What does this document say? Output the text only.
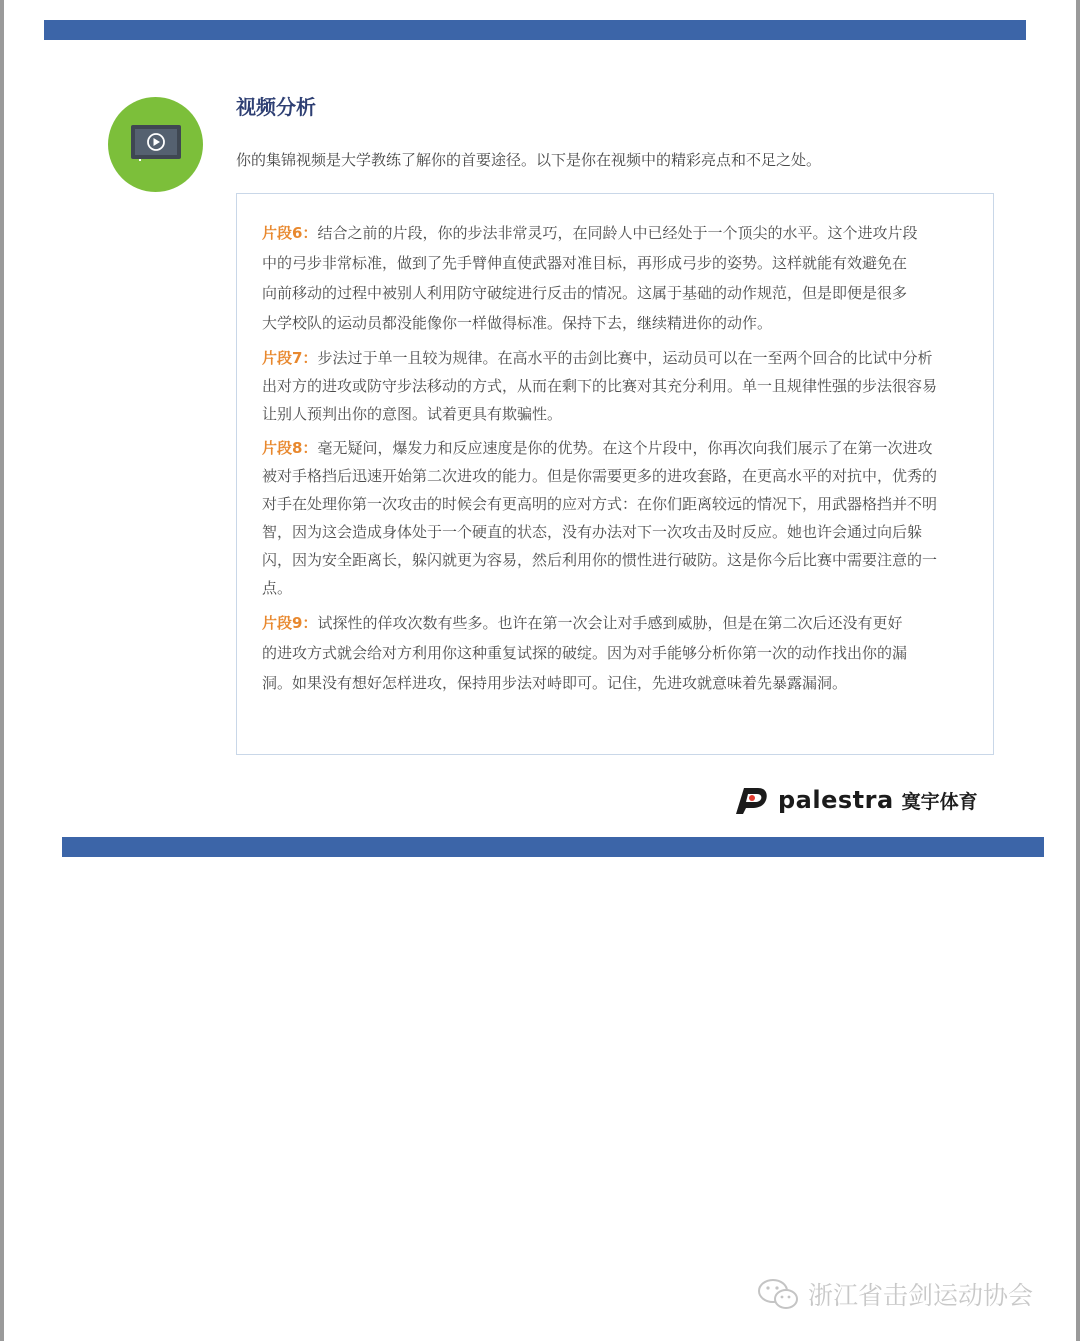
视频分析
你的集锦视频是大学教练了解你的首要途径。以下是你在视频中的精彩亮点和不足之处。
片段6：结合之前的片段，你的步法非常灵巧，在同龄人中已经处于一个顶尖的水平。这个进攻片段
中的弓步非常标准，做到了先手臂伸直使武器对准目标，再形成弓步的姿势。这样就能有效避免在
向前移动的过程中被别人利用防守破绽进行反击的情况。这属于基础的动作规范，但是即便是很多
大学校队的运动员都没能像你一样做得标准。保持下去，继续精进你的动作。
片段7：步法过于单一且较为规律。在高水平的击剑比赛中，运动员可以在一至两个回合的比试中分析
出对方的进攻或防守步法移动的方式，从而在剩下的比赛对其充分利用。单一且规律性强的步法很容易
让别人预判出你的意图。试着更具有欺骗性。
片段8：毫无疑问，爆发力和反应速度是你的优势。在这个片段中，你再次向我们展示了在第一次进攻
被对手格挡后迅速开始第二次进攻的能力。但是你需要更多的进攻套路，在更高水平的对抗中，优秀的
对手在处理你第一次攻击的时候会有更高明的应对方式：在你们距离较远的情况下，用武器格挡并不明
智，因为这会造成身体处于一个硬直的状态，没有办法对下一次攻击及时反应。她也许会通过向后躲
闪，因为安全距离长，躲闪就更为容易，然后利用你的惯性进行破防。这是你今后比赛中需要注意的一
点。
片段9：试探性的佯攻次数有些多。也许在第一次会让对手感到威胁，但是在第二次后还没有更好
的进攻方式就会给对方利用你这种重复试探的破绽。因为对手能够分析你第一次的动作找出你的漏
洞。如果没有想好怎样进攻，保持用步法对峙即可。记住，先进攻就意味着先暴露漏洞。
palestra 寞宇体育
浙江省击剑运动协会
